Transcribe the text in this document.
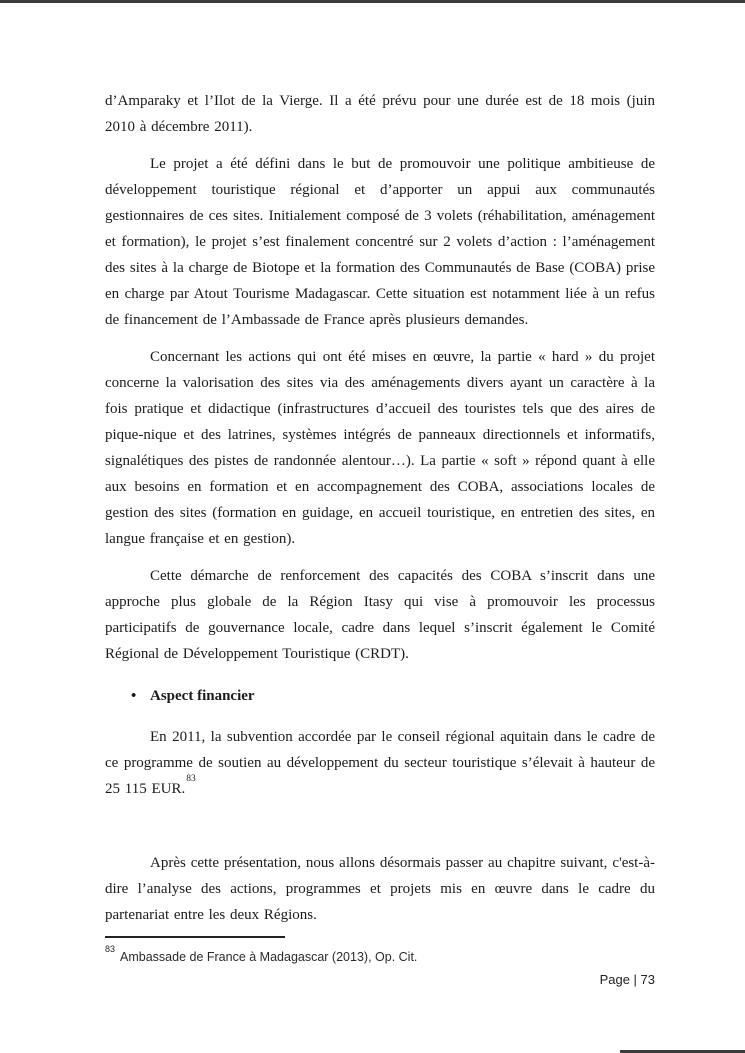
d’Amparaky et l’Ilot de la Vierge. Il a été prévu pour une durée est de 18 mois (juin 2010 à décembre 2011).

Le projet a été défini dans le but de promouvoir une politique ambitieuse de développement touristique régional et d’apporter un appui aux communautés gestionnaires de ces sites. Initialement composé de 3 volets (réhabilitation, aménagement et formation), le projet s’est finalement concentré sur 2 volets d’action : l’aménagement des sites à la charge de Biotope et la formation des Communautés de Base (COBA) prise en charge par Atout Tourisme Madagascar. Cette situation est notamment liée à un refus de financement de l’Ambassade de France après plusieurs demandes.

Concernant les actions qui ont été mises en œuvre, la partie « hard » du projet concerne la valorisation des sites via des aménagements divers ayant un caractère à la fois pratique et didactique (infrastructures d’accueil des touristes tels que des aires de pique-nique et des latrines, systèmes intégrés de panneaux directionnels et informatifs, signalétiques des pistes de randonnée alentour…). La partie « soft » répond quant à elle aux besoins en formation et en accompagnement des COBA, associations locales de gestion des sites (formation en guidage, en accueil touristique, en entretien des sites, en langue française et en gestion).

Cette démarche de renforcement des capacités des COBA s’inscrit dans une approche plus globale de la Région Itasy qui vise à promouvoir les processus participatifs de gouvernance locale, cadre dans lequel s’inscrit également le Comité Régional de Développement Touristique (CRDT).

• Aspect financier

En 2011, la subvention accordée par le conseil régional aquitain dans le cadre de ce programme de soutien au développement du secteur touristique s’élevait à hauteur de 25 115 EUR.$^{83}$

Après cette présentation, nous allons désormais passer au chapitre suivant, c'est-à-dire l’analyse des actions, programmes et projets mis en œuvre dans le cadre du partenariat entre les deux Régions.

$^{83}$Ambassade de France à Madagascar (2013), Op. Cit.
Page | 73
